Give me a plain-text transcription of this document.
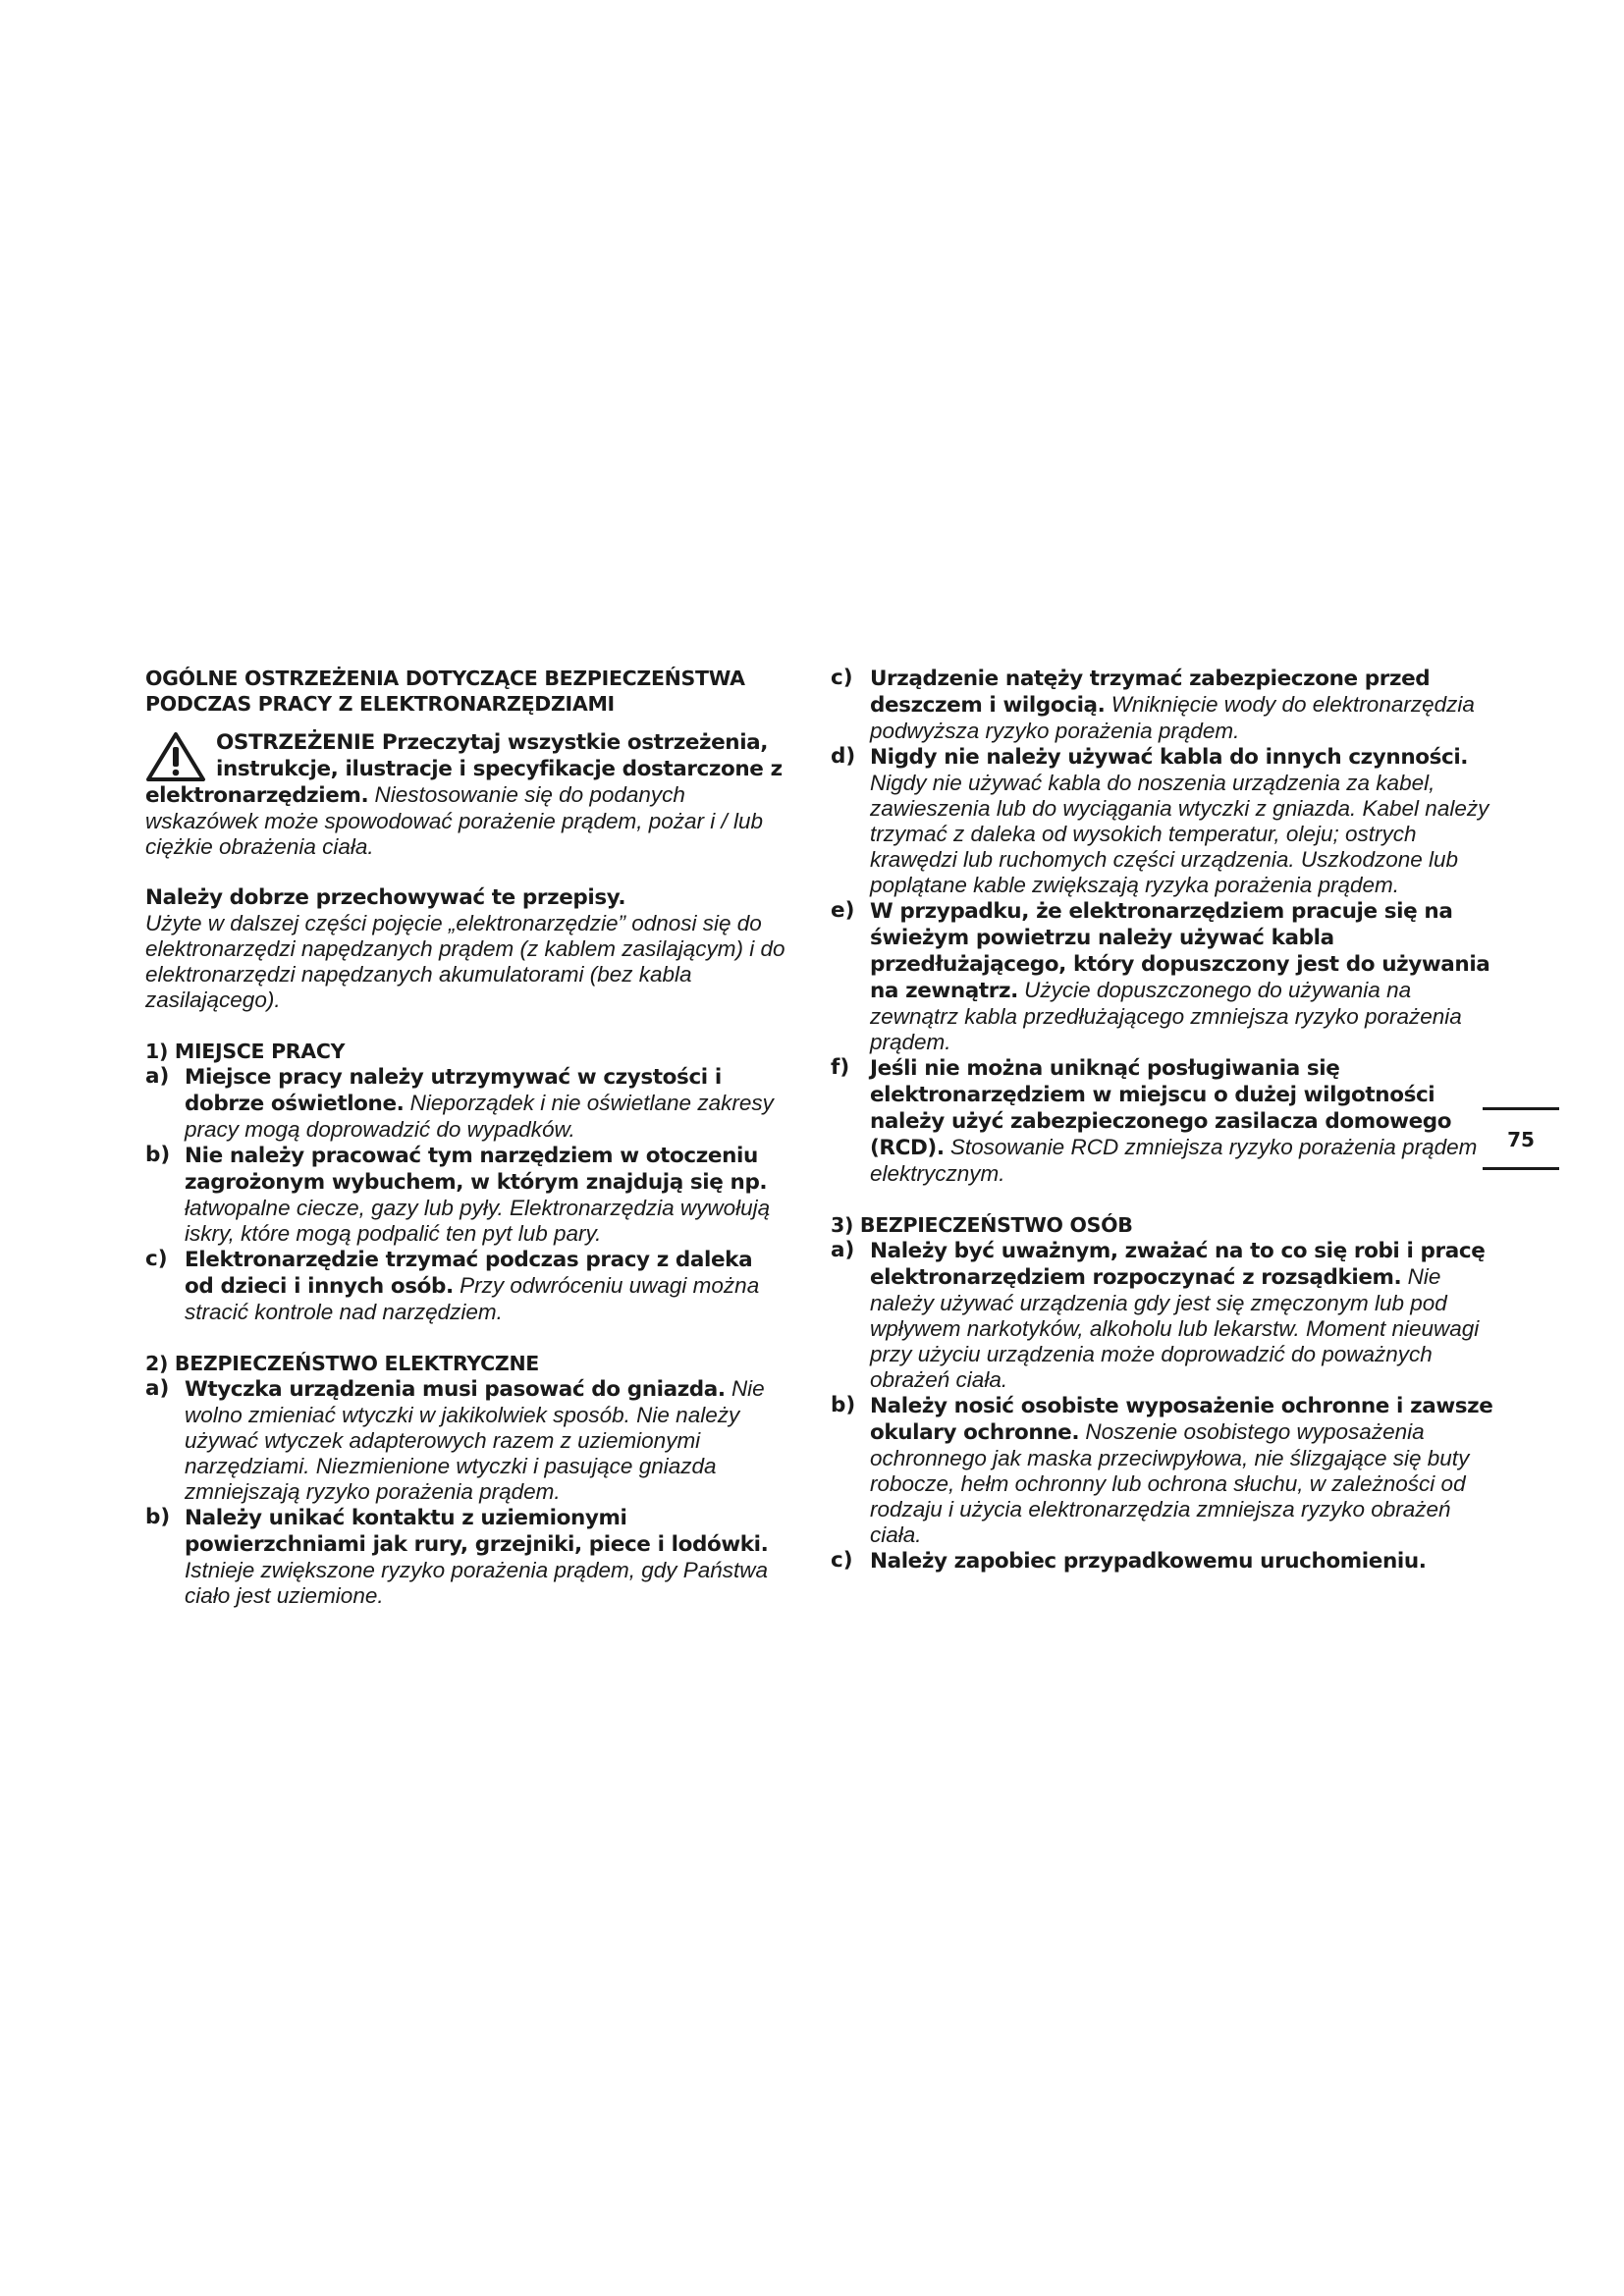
OGÓLNE OSTRZEŻENIA DOTYCZĄCE BEZPIECZEŃSTWA
PODCZAS PRACY Z ELEKTRONARZĘDZIAMI
OSTRZEŻENIE Przeczytaj wszystkie ostrzeżenia, instrukcje, ilustracje i specyfikacje dostarczone z elektronarzędziem. Niestosowanie się do podanych wskazówek może spowodować porażenie prądem, pożar i / lub ciężkie obrażenia ciała.
Należy dobrze przechowywać te przepisy.
Użyte w dalszej części pojęcie „elektronarzędzie” odnosi się do elektronarzędzi napędzanych prądem (z kablem zasilającym) i do elektronarzędzi napędzanych akumulatorami (bez kabla zasilającego).
1) MIEJSCE PRACY
a) Miejsce pracy należy utrzymywać w czystości i dobrze oświetlone. Nieporządek i nie oświetlane zakresy pracy mogą doprowadzić do wypadków.
b) Nie należy pracować tym narzędziem w otoczeniu zagrożonym wybuchem, w którym znajdują się np. łatwopalne ciecze, gazy lub pyły. Elektronarzędzia wywołują iskry, które mogą podpalić ten pyt lub pary.
c) Elektronarzędzie trzymać podczas pracy z daleka od dzieci i innych osób. Przy odwróceniu uwagi można stracić kontrole nad narzędziem.
2) BEZPIECZEŃSTWO ELEKTRYCZNE
a) Wtyczka urządzenia musi pasować do gniazda. Nie wolno zmieniać wtyczki w jakikolwiek sposób. Nie należy używać wtyczek adapterowych razem z uziemionymi narzędziami. Niezmienione wtyczki i pasujące gniazda zmniejszają ryzyko porażenia prądem.
b) Należy unikać kontaktu z uziemionymi powierzchniami jak rury, grzejniki, piece i lodówki. Istnieje zwiększone ryzyko porażenia prądem, gdy Państwa ciało jest uziemione.
c) Urządzenie natęży trzymać zabezpieczone przed deszczem i wilgocią. Wniknięcie wody do elektronarzędzia podwyższa ryzyko porażenia prądem.
d) Nigdy nie należy używać kabla do innych czynności. Nigdy nie używać kabla do noszenia urządzenia za kabel, zawieszenia lub do wyciągania wtyczki z gniazda. Kabel należy trzymać z daleka od wysokich temperatur, oleju; ostrych krawędzi lub ruchomych części urządzenia. Uszkodzone lub poplątane kable zwiększają ryzyka porażenia prądem.
e) W przypadku, że elektronarzędziem pracuje się na świeżym powietrzu należy używać kabla przedłużającego, który dopuszczony jest do używania na zewnątrz. Użycie dopuszczonego do używania na zewnątrz kabla przedłużającego zmniejsza ryzyko porażenia prądem.
f) Jeśli nie można uniknąć posługiwania się elektronarzędziem w miejscu o dużej wilgotności należy użyć zabezpieczonego zasilacza domowego (RCD). Stosowanie RCD zmniejsza ryzyko porażenia prądem elektrycznym.
3) BEZPIECZEŃSTWO OSÓB
a) Należy być uważnym, zważać na to co się robi i pracę elektronarzędziem rozpoczynać z rozsądkiem. Nie należy używać urządzenia gdy jest się zmęczonym lub pod wpływem narkotyków, alkoholu lub lekarstw. Moment nieuwagi przy użyciu urządzenia może doprowadzić do poważnych obrażeń ciała.
b) Należy nosić osobiste wyposażenie ochronne i zawsze okulary ochronne. Noszenie osobistego wyposażenia ochronnego jak maska przeciwpyłowa, nie ślizgające się buty robocze, hełm ochronny lub ochrona słuchu, w zależności od rodzaju i użycia elektronarzędzia zmniejsza ryzyko obrażeń ciała.
c) Należy zapobiec przypadkowemu uruchomieniu.
75
